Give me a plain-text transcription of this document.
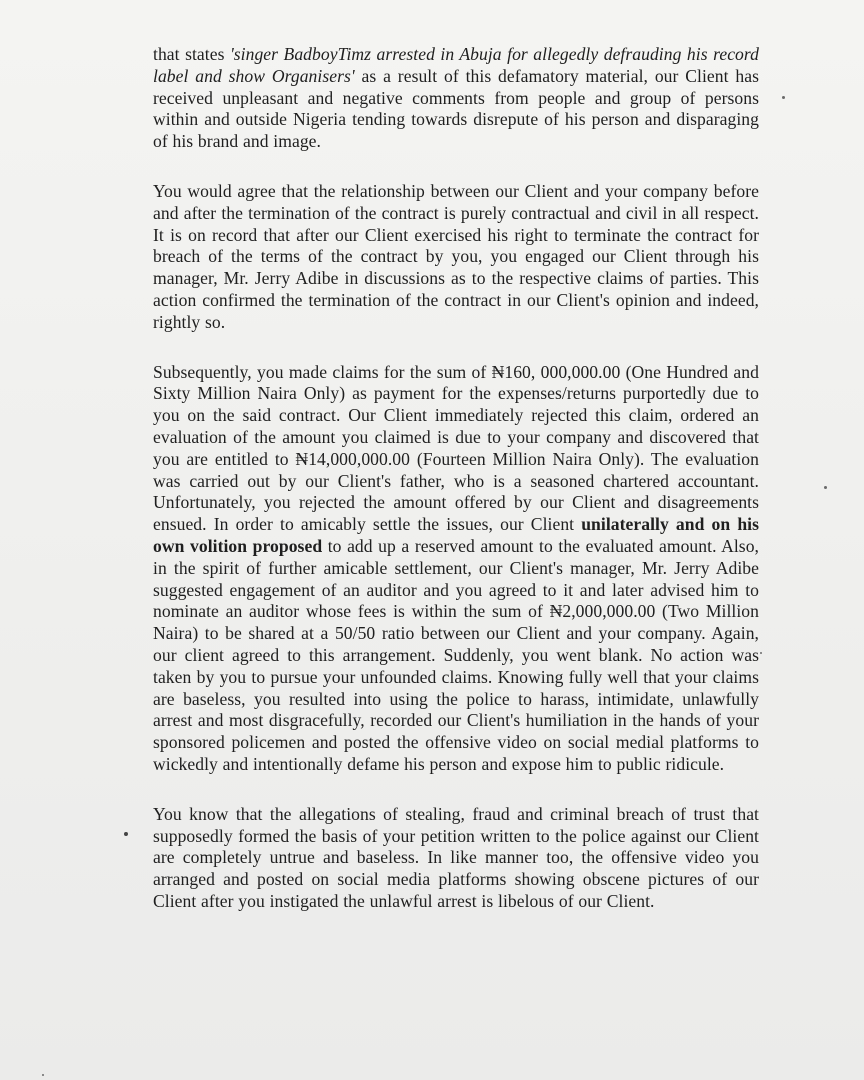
that states 'singer BadboyTimz arrested in Abuja for allegedly defrauding his record label and show Organisers' as a result of this defamatory material, our Client has received unpleasant and negative comments from people and group of persons within and outside Nigeria tending towards disrepute of his person and disparaging of his brand and image.

You would agree that the relationship between our Client and your company before and after the termination of the contract is purely contractual and civil in all respect. It is on record that after our Client exercised his right to terminate the contract for breach of the terms of the contract by you, you engaged our Client through his manager, Mr. Jerry Adibe in discussions as to the respective claims of parties. This action confirmed the termination of the contract in our Client's opinion and indeed, rightly so.

Subsequently, you made claims for the sum of ₦160, 000,000.00 (One Hundred and Sixty Million Naira Only) as payment for the expenses/returns purportedly due to you on the said contract. Our Client immediately rejected this claim, ordered an evaluation of the amount you claimed is due to your company and discovered that you are entitled to ₦14,000,000.00 (Fourteen Million Naira Only). The evaluation was carried out by our Client's father, who is a seasoned chartered accountant. Unfortunately, you rejected the amount offered by our Client and disagreements ensued. In order to amicably settle the issues, our Client unilaterally and on his own volition proposed to add up a reserved amount to the evaluated amount. Also, in the spirit of further amicable settlement, our Client's manager, Mr. Jerry Adibe suggested engagement of an auditor and you agreed to it and later advised him to nominate an auditor whose fees is within the sum of ₦2,000,000.00 (Two Million Naira) to be shared at a 50/50 ratio between our Client and your company. Again, our client agreed to this arrangement. Suddenly, you went blank. No action was taken by you to pursue your unfounded claims. Knowing fully well that your claims are baseless, you resulted into using the police to harass, intimidate, unlawfully arrest and most disgracefully, recorded our Client's humiliation in the hands of your sponsored policemen and posted the offensive video on social medial platforms to wickedly and intentionally defame his person and expose him to public ridicule.

You know that the allegations of stealing, fraud and criminal breach of trust that supposedly formed the basis of your petition written to the police against our Client are completely untrue and baseless. In like manner too, the offensive video you arranged and posted on social media platforms showing obscene pictures of our Client after you instigated the unlawful arrest is libelous of our Client.
